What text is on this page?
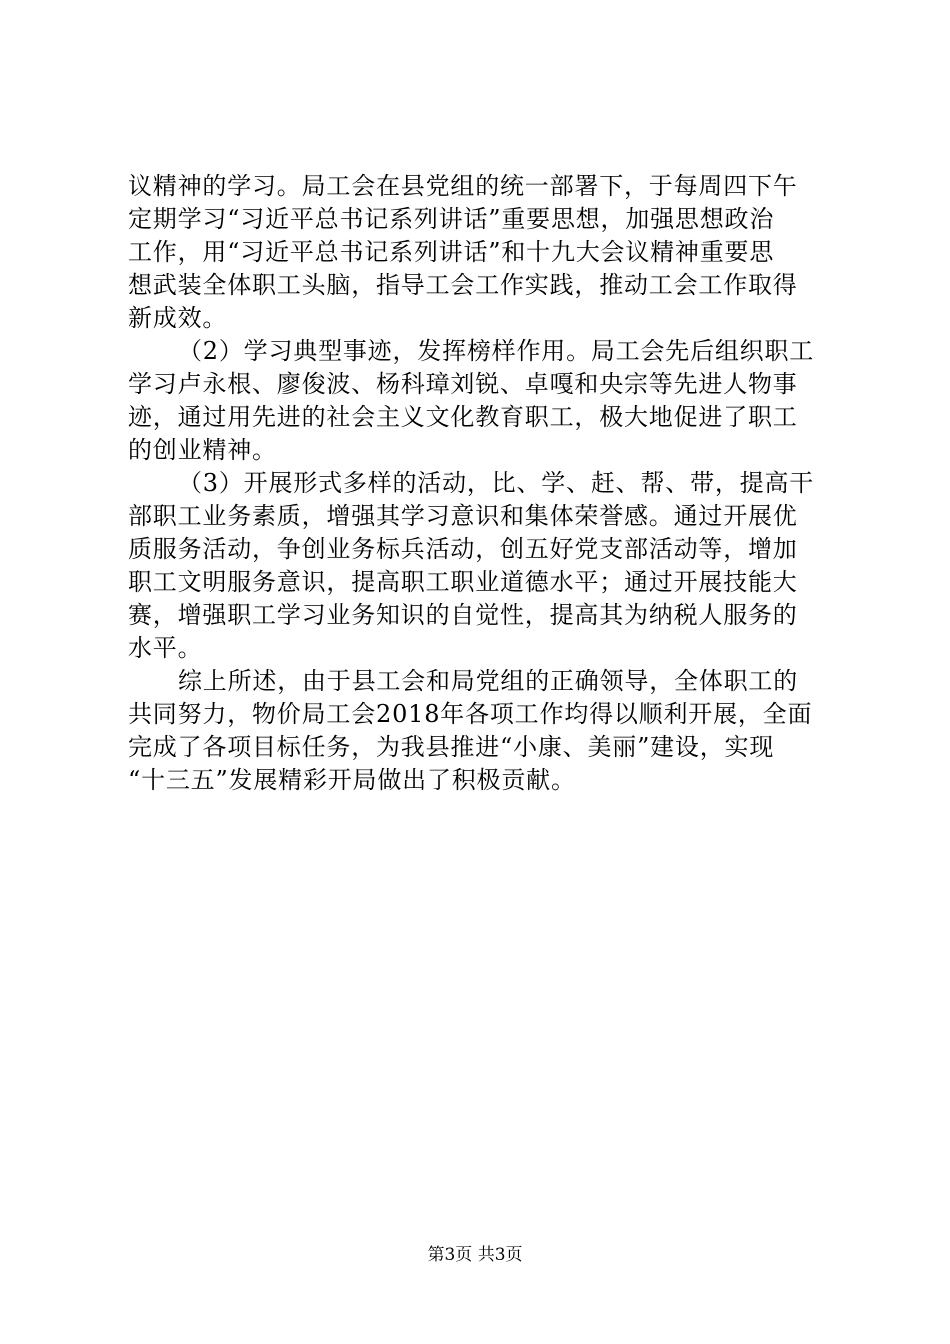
议精神的学习。局工会在县党组的统一部署下，于每周四下午
定期学习“习近平总书记系列讲话”重要思想，加强思想政治
工作，用“习近平总书记系列讲话”和十九大会议精神重要思
想武装全体职工头脑，指导工会工作实践，推动工会工作取得
新成效。
（2）学习典型事迹，发挥榜样作用。局工会先后组织职工
学习卢永根、廖俊波、杨科璋刘锐、卓嘎和央宗等先进人物事
迹，通过用先进的社会主义文化教育职工，极大地促进了职工
的创业精神。
（3）开展形式多样的活动，比、学、赶、帮、带，提高干
部职工业务素质，增强其学习意识和集体荣誉感。通过开展优
质服务活动，争创业务标兵活动，创五好党支部活动等，增加
职工文明服务意识，提高职工职业道德水平；通过开展技能大
赛，增强职工学习业务知识的自觉性，提高其为纳税人服务的
水平。
综上所述，由于县工会和局党组的正确领导，全体职工的
共同努力，物价局工会2018年各项工作均得以顺利开展，全面
完成了各项目标任务，为我县推进“小康、美丽”建设，实现
“十三五”发展精彩开局做出了积极贡献。
第3页 共3页
